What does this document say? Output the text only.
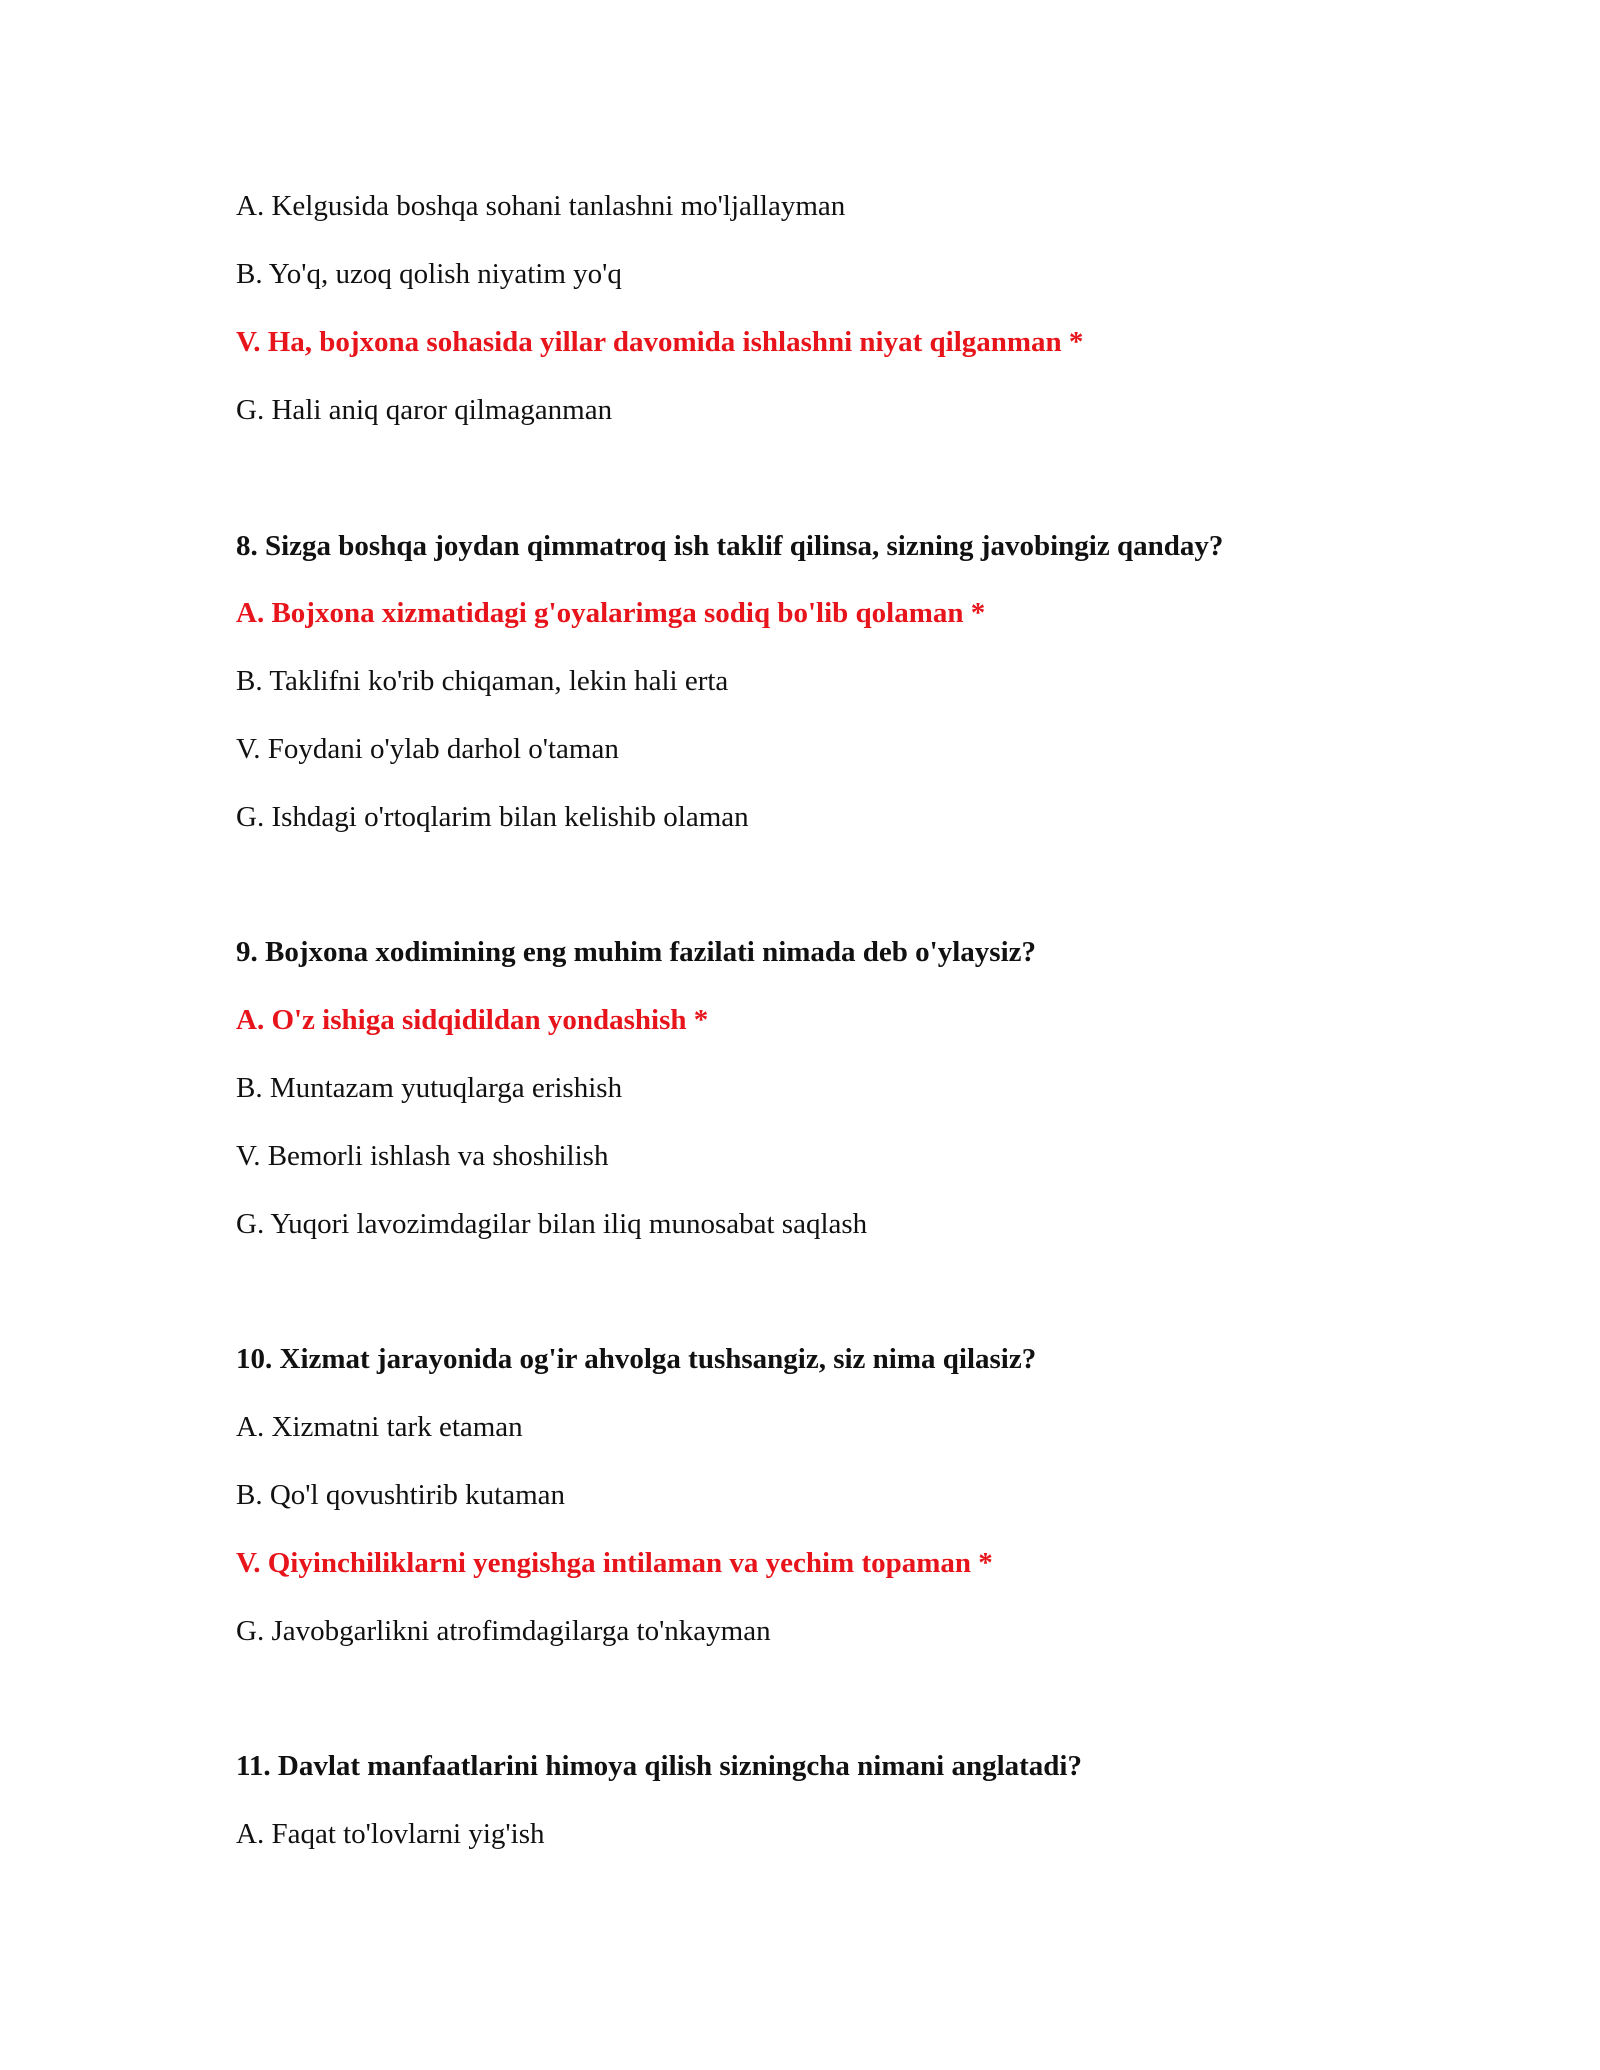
A. Kelgusida boshqa sohani tanlashni mo'ljallayman
B. Yo'q, uzoq qolish niyatim yo'q
V. Ha, bojxona sohasida yillar davomida ishlashni niyat qilganman *
G. Hali aniq qaror qilmaganman
8. Sizga boshqa joydan qimmatroq ish taklif qilinsa, sizning javobingiz qanday?
A. Bojxona xizmatidagi g'oyalarimga sodiq bo'lib qolaman *
B. Taklifni ko'rib chiqaman, lekin hali erta
V. Foydani o'ylab darhol o'taman
G. Ishdagi o'rtoqlarim bilan kelishib olaman
9. Bojxona xodimining eng muhim fazilati nimada deb o'ylaysiz?
A. O'z ishiga sidqidildan yondashish *
B. Muntazam yutuqlarga erishish
V. Bemorli ishlash va shoshilish
G. Yuqori lavozimdagilar bilan iliq munosabat saqlash
10. Xizmat jarayonida og'ir ahvolga tushsangiz, siz nima qilasiz?
A. Xizmatni tark etaman
B. Qo'l qovushtirib kutaman
V. Qiyinchiliklarni yengishga intilaman va yechim topaman *
G. Javobgarlikni atrofimdagilarga to'nkayman
11. Davlat manfaatlarini himoya qilish sizningcha nimani anglatadi?
A. Faqat to'lovlarni yig'ish
